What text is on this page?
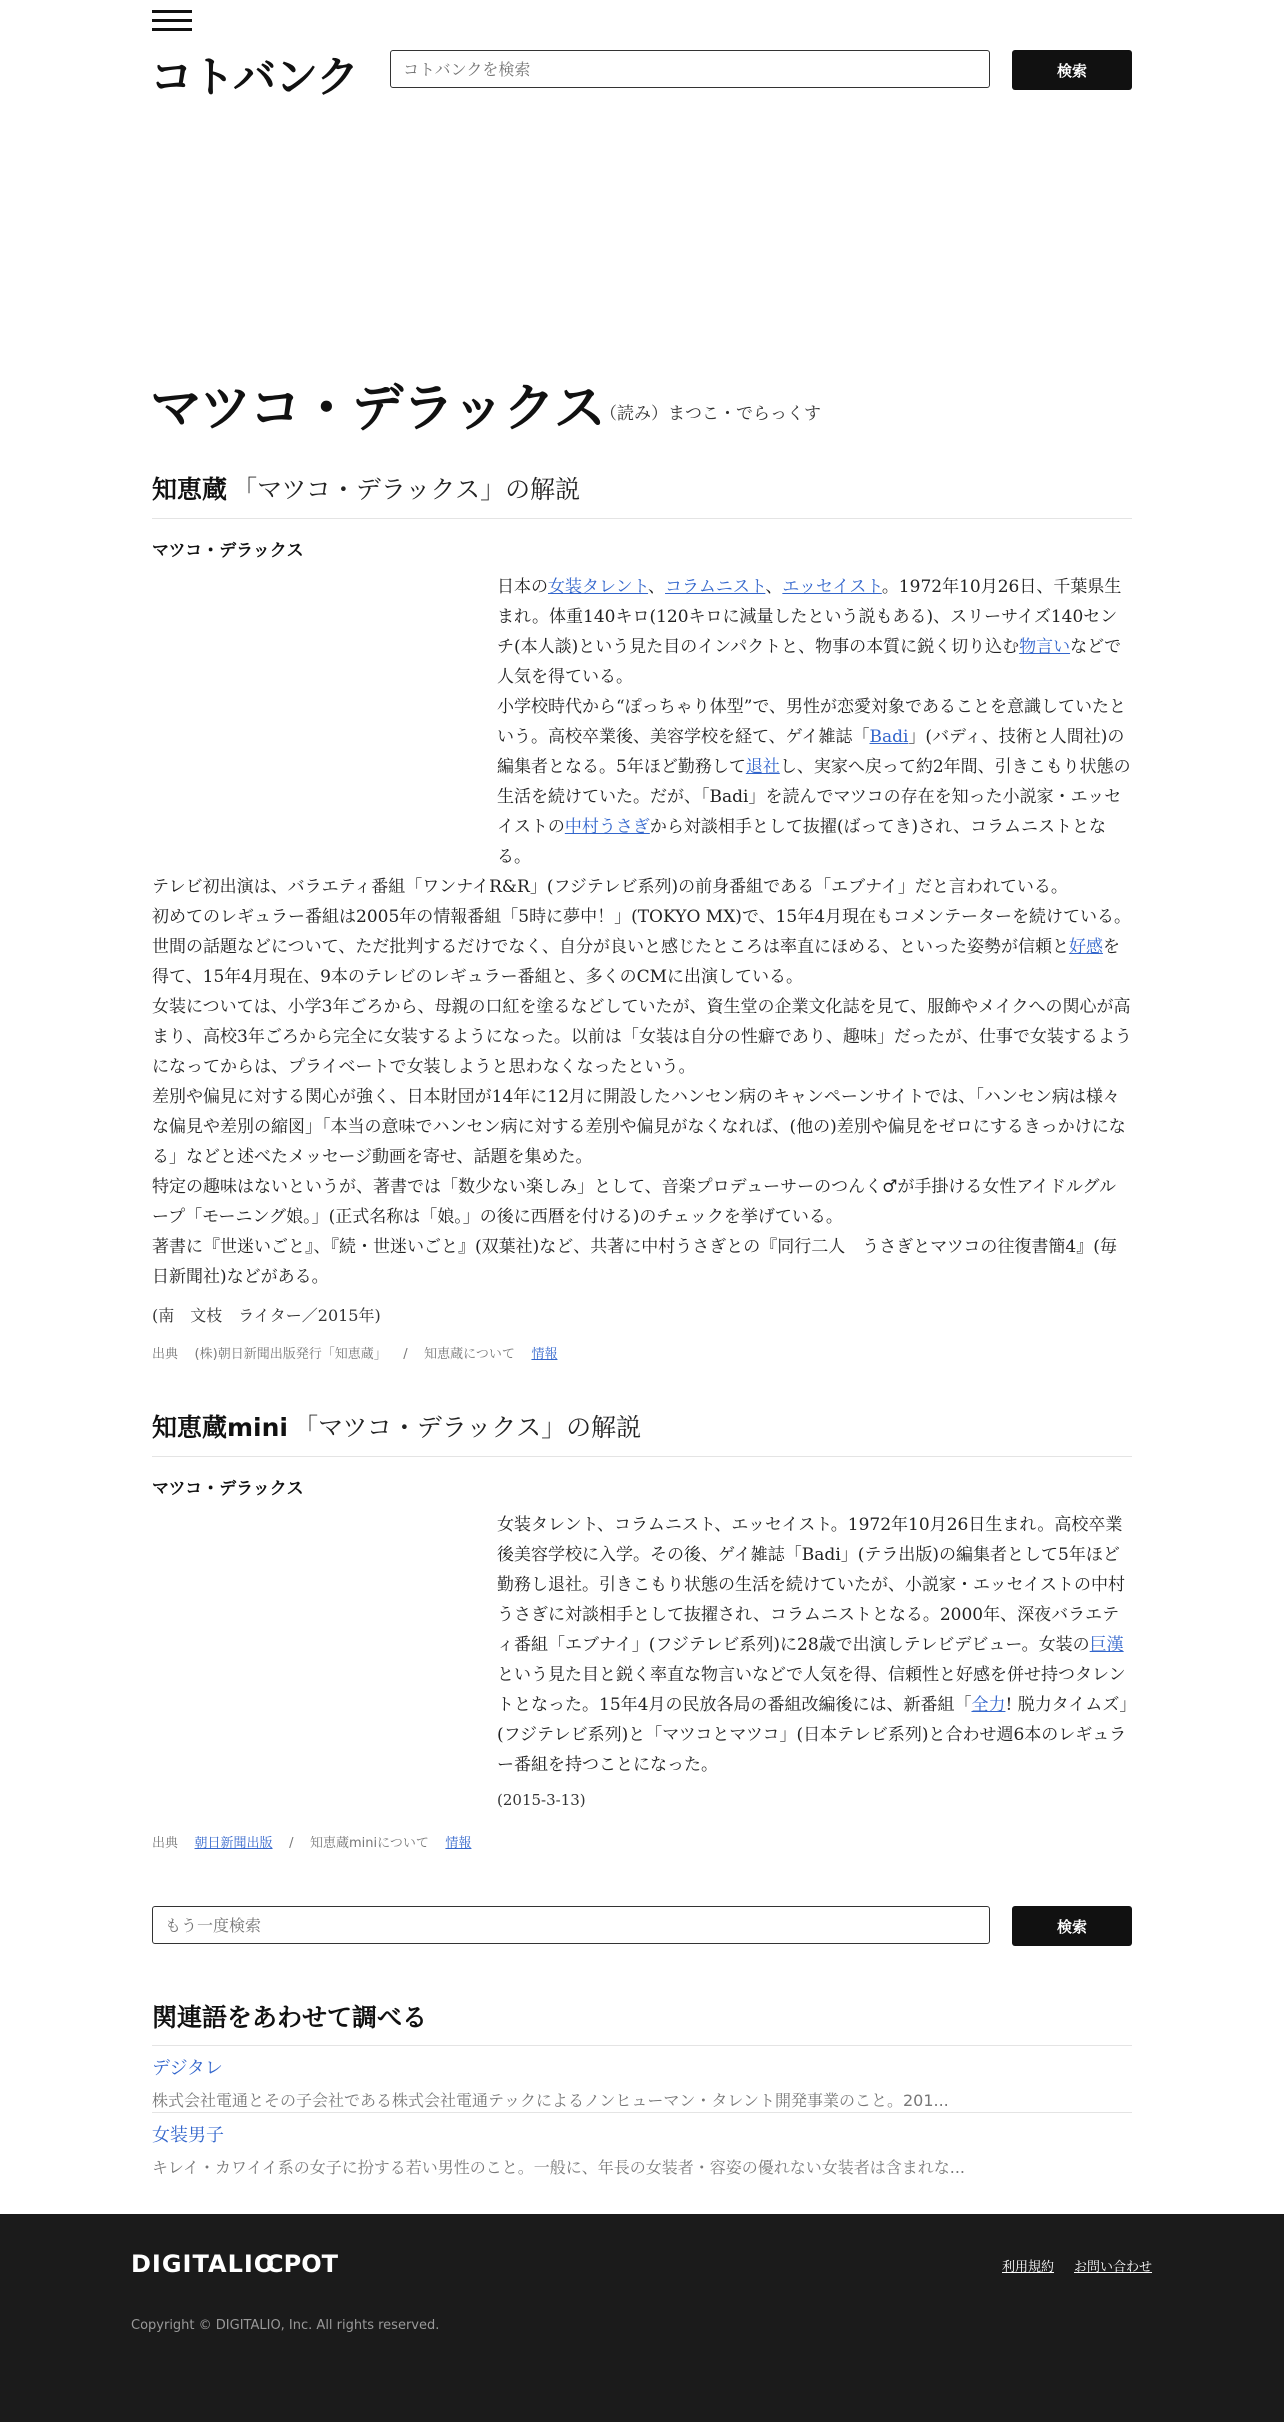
コトバンク
コトバンクを検索	検索
マツコ・デラックス
（読み）まつこ・でらっくす
知恵蔵 「マツコ・デラックス」の解説
マツコ・デラックス

日本の女装タレント、コラムニスト、エッセイスト。1972年10月26日、千葉県生まれ。体重140キロ(120キロに減量したという説もある)、スリーサイズ140センチ(本人談)という見た目のインパクトと、物事の本質に鋭く切り込む物言いなどで人気を得ている。

小学校時代から“ぽっちゃり体型”で、男性が恋愛対象であることを意識していたという。高校卒業後、美容学校を経て、ゲイ雑誌「Badi」(バディ、技術と人間社)の編集者となる。5年ほど勤務して退社し、実家へ戻って約2年間、引きこもり状態の生活を続けていた。だが、「Badi」を読んでマツコの存在を知った小説家・エッセイストの中村うさぎから対談相手として抜擢(ばってき)され、コラムニストとなる。

テレビ初出演は、バラエティ番組「ワンナイR&R」(フジテレビ系列)の前身番組である「エブナイ」だと言われている。

初めてのレギュラー番組は2005年の情報番組「5時に夢中！」(TOKYO MX)で、15年4月現在もコメンテーターを続けている。世間の話題などについて、ただ批判するだけでなく、自分が良いと感じたところは率直にほめる、といった姿勢が信頼と好感を得て、15年4月現在、9本のテレビのレギュラー番組と、多くのCMに出演している。

女装については、小学3年ごろから、母親の口紅を塗るなどしていたが、資生堂の企業文化誌を見て、服飾やメイクへの関心が高まり、高校3年ごろから完全に女装するようになった。以前は「女装は自分の性癖であり、趣味」だったが、仕事で女装するようになってからは、プライベートで女装しようと思わなくなったという。

差別や偏見に対する関心が強く、日本財団が14年に12月に開設したハンセン病のキャンペーンサイトでは、「ハンセン病は様々な偏見や差別の縮図」「本当の意味でハンセン病に対する差別や偏見がなくなれば、(他の)差別や偏見をゼロにするきっかけになる」などと述べたメッセージ動画を寄せ、話題を集めた。

特定の趣味はないというが、著書では「数少ない楽しみ」として、音楽プロデューサーのつんく♂が手掛ける女性アイドルグループ「モーニング娘。」(正式名称は「娘。」の後に西暦を付ける)のチェックを挙げている。

著書に『世迷いごと』、『続・世迷いごと』(双葉社)など、共著に中村うさぎとの『同行二人　うさぎとマツコの往復書簡4』(毎日新聞社)などがある。

(南　文枝　ライター／2015年)
出典 (株)朝日新聞出版発行「知恵蔵」 / 知恵蔵について 情報
知恵蔵mini 「マツコ・デラックス」の解説
マツコ・デラックス

女装タレント、コラムニスト、エッセイスト。1972年10月26日生まれ。高校卒業後美容学校に入学。その後、ゲイ雑誌「Badi」(テラ出版)の編集者として5年ほど勤務し退社。引きこもり状態の生活を続けていたが、小説家・エッセイストの中村うさぎに対談相手として抜擢され、コラムニストとなる。2000年、深夜バラエティ番組「エブナイ」(フジテレビ系列)に28歳で出演しテレビデビュー。女装の巨漢という見た目と鋭く率直な物言いなどで人気を得、信頼性と好感を併せ持つタレントとなった。15年4月の民放各局の番組改編後には、新番組「全力! 脱力タイムズ」(フジテレビ系列)と「マツコとマツコ」(日本テレビ系列)と合わせ週6本のレギュラー番組を持つことになった。

(2015-3-13)
出典 朝日新聞出版 / 知恵蔵miniについて 情報
もう一度検索
検索
関連語をあわせて調べる
デジタレ
株式会社電通とその子会社である株式会社電通テックによるノンヒューマン・タレント開発事業のこと。201...
女装男子
キレイ・カワイイ系の女子に扮する若い男性のこと。一般に、年長の女装者・容姿の優れない女装者は含まれな...
DIGITALIO
CPOT	利用規約 お問い合わせ
Copyright © DIGITALIO, Inc. All rights reserved.
